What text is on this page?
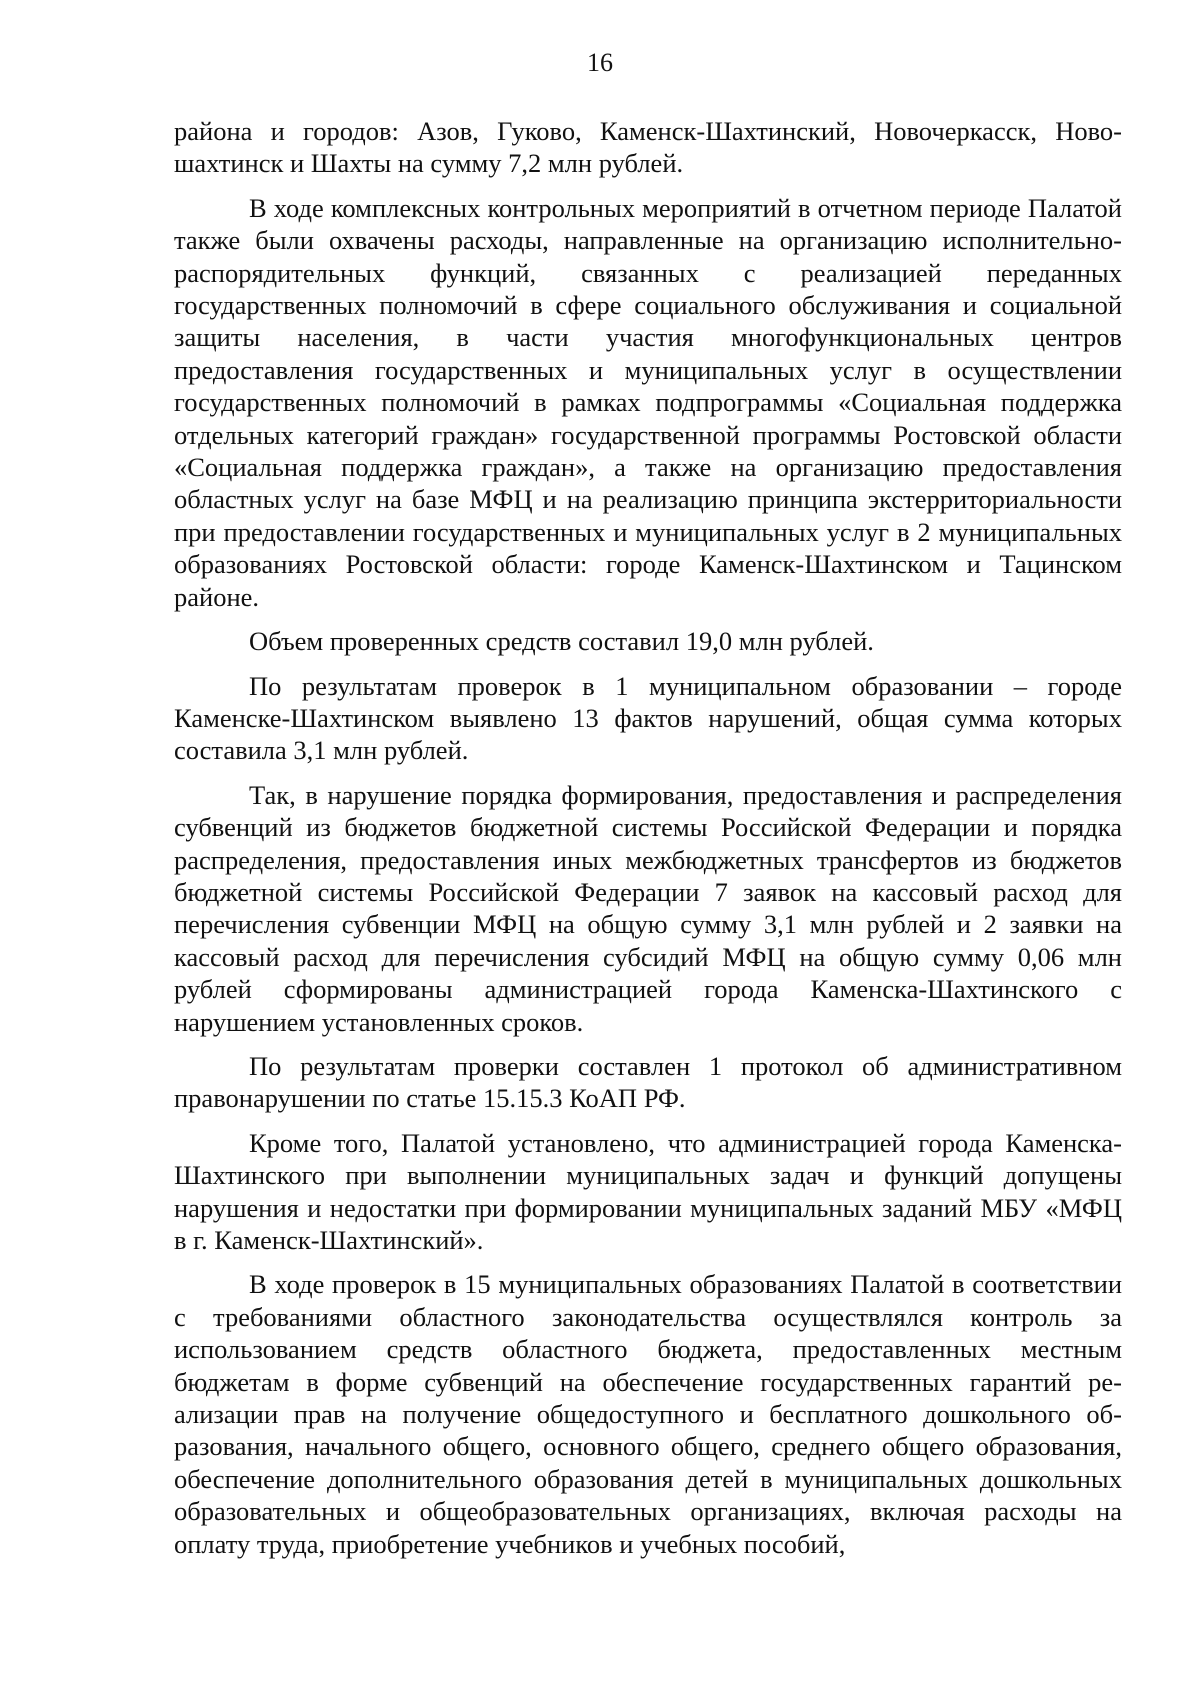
16

района и городов: Азов, Гуково, Каменск-Шахтинский, Новочеркасск, Новошахтинск и Шахты на сумму 7,2 млн рублей.

В ходе комплексных контрольных мероприятий в отчетном периоде Палатой также были охвачены расходы, направленные на организацию исполнительно-распорядительных функций, связанных с реализацией переданных государственных полномочий в сфере социального обслуживания и социальной защиты населения, в части участия многофункциональных центров предоставления государственных и муниципальных услуг в осуществлении государственных полномочий в рамках подпрограммы «Социальная поддержка отдельных категорий граждан» государственной программы Ростовской области «Социальная поддержка граждан», а также на организацию предоставления областных услуг на базе МФЦ и на реализацию принципа экстерриториальности при предоставлении государственных и муниципальных услуг в 2 муниципальных образованиях Ростовской области: городе Каменск-Шахтинском и Тацинском районе.

Объем проверенных средств составил 19,0 млн рублей.

По результатам проверок в 1 муниципальном образовании – городе Каменске-Шахтинском выявлено 13 фактов нарушений, общая сумма которых составила 3,1 млн рублей.

Так, в нарушение порядка формирования, предоставления и распределения субвенций из бюджетов бюджетной системы Российской Федерации и порядка распределения, предоставления иных межбюджетных трансфертов из бюджетов бюджетной системы Российской Федерации 7 заявок на кассовый расход для перечисления субвенции МФЦ на общую сумму 3,1 млн рублей и 2 заявки на кассовый расход для перечисления субсидий МФЦ на общую сумму 0,06 млн рублей сформированы администрацией города Каменска-Шахтинского с нарушением установленных сроков.

По результатам проверки составлен 1 протокол об административном правонарушении по статье 15.15.3 КоАП РФ.

Кроме того, Палатой установлено, что администрацией города Каменска-Шахтинского при выполнении муниципальных задач и функций допущены нарушения и недостатки при формировании муниципальных заданий МБУ «МФЦ в г. Каменск-Шахтинский».

В ходе проверок в 15 муниципальных образованиях Палатой в соответствии с требованиями областного законодательства осуществлялся контроль за использованием средств областного бюджета, предоставленных местным бюджетам в форме субвенций на обеспечение государственных гарантий реализации прав на получение общедоступного и бесплатного дошкольного образования, начального общего, основного общего, среднего общего образования, обеспечение дополнительного образования детей в муниципальных дошкольных образовательных и общеобразовательных организациях, включая расходы на оплату труда, приобретение учебников и учебных пособий,
